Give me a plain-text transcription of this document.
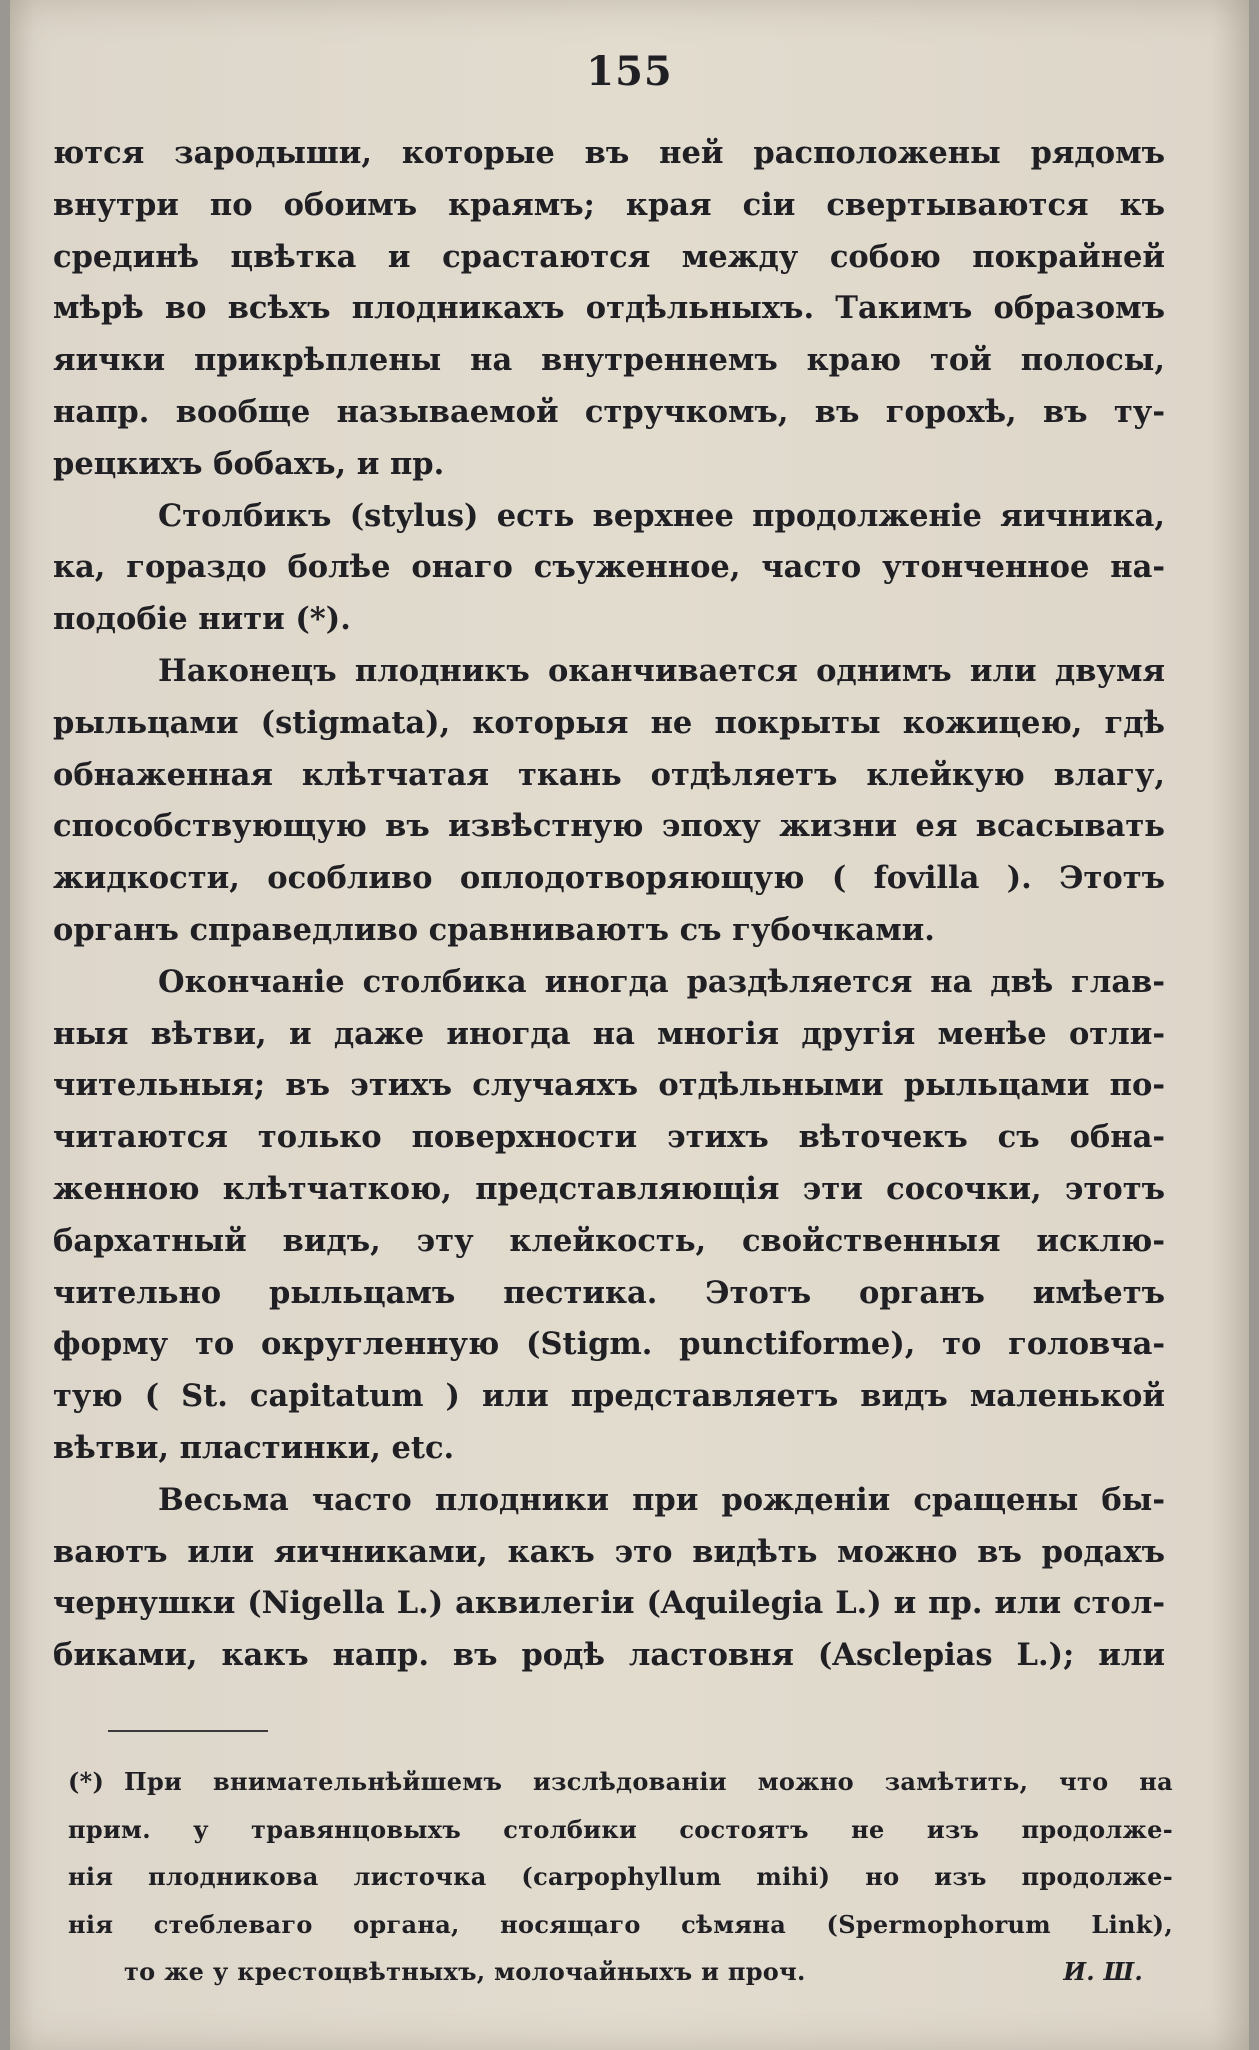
155

ются зародыши, которые въ ней расположены рядомъ

внутри по обоимъ краямъ; края сіи свертываются къ

срединѣ цвѣтка и срастаются между собою покрайней

мѣрѣ во всѣхъ плодникахъ отдѣльныхъ. Такимъ образомъ

яички прикрѣплены на внутреннемъ краю той полосы,

напр. вообще называемой стручкомъ, въ горохѣ, въ ту-

рецкихъ бобахъ, и пр.

Столбикъ (stylus) есть верхнее продолженіе яичника,

ка, гораздо болѣе онаго съуженное, часто утонченное на-

подобіе нити (*).

Наконецъ плодникъ оканчивается однимъ или двумя

рыльцами (stigmata), которыя не покрыты кожицею, гдѣ

обнаженная клѣтчатая ткань отдѣляетъ клейкую влагу,

способствующую въ извѣстную эпоху жизни ея всасывать

жидкости, особливо оплодотворяющую ( fovilla ). Этотъ

органъ справедливо сравниваютъ съ губочками.

Окончаніе столбика иногда раздѣляется на двѣ глав-

ныя вѣтви, и даже иногда на многія другія менѣе отли-

чительныя; въ этихъ случаяхъ отдѣльными рыльцами по-

читаются только поверхности этихъ вѣточекъ съ обна-

женною клѣтчаткою, представляющія эти сосочки, этотъ

бархатный видъ, эту клейкость, свойственныя исклю-

чительно рыльцамъ пестика. Этотъ органъ имѣетъ

форму то округленную (Stigm. punctiforme), то головча-

тую ( St. capitatum ) или представляетъ видъ маленькой

вѣтви, пластинки, etc.

Весьма часто плодники при рожденіи сращены бы-

ваютъ или яичниками, какъ это видѣть можно въ родахъ

чернушки (Nigella L.) аквилегіи (Aquilegia L.) и пр. или стол-

биками, какъ напр. въ родѣ ластовня (Asclepias L.); или

(*) При внимательнѣйшемъ изслѣдованіи можно замѣтить, что на

прим. у травянцовыхъ столбики состоятъ не изъ продолже-

нія плодникова листочка (carpophyllum mihi) но изъ продолже-

нія стеблеваго органа, носящаго сѣмяна (Spermophorum Link),

то же у крестоцвѣтныхъ, молочайныхъ и проч.	И. Ш.
